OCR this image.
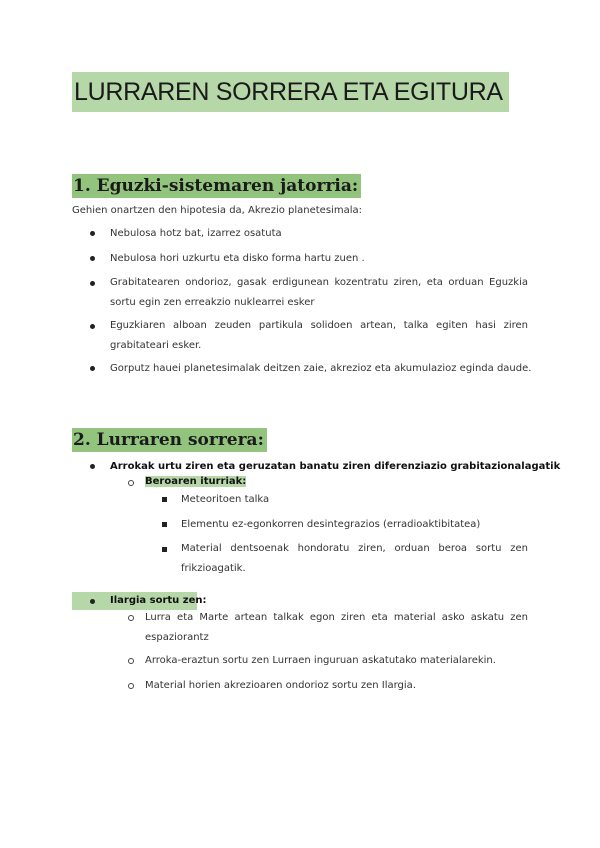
LURRAREN SORRERA ETA EGITURA
1. Eguzki-sistemaren jatorria:
Gehien onartzen den hipotesia da, Akrezio planetesimala:
Nebulosa hotz bat, izarrez osatuta
Nebulosa hori uzkurtu eta disko forma hartu zuen .
Grabitatearen ondorioz, gasak erdigunean kozentratu ziren, eta orduan Eguzkia sortu egin zen erreakzio nuklearrei esker
Eguzkiaren alboan zeuden partikula solidoen artean, talka egiten hasi ziren grabitateari esker.
Gorputz hauei planetesimalak deitzen zaie, akrezioz eta akumulazioz eginda daude.
2. Lurraren sorrera:
Arrokak urtu ziren eta geruzatan banatu ziren diferenziazio grabitazionalagatik
Beroaren iturriak:
Meteoritoen talka
Elementu ez-egonkorren desintegrazios (erradioaktibitatea)
Material dentsoenak hondoratu ziren, orduan beroa sortu zen frikzioagatik.
Ilargia sortu zen:
Lurra eta Marte artean talkak egon ziren eta material asko askatu zen espaziorantz
Arroka-eraztun sortu zen Lurraen inguruan askatutako materialarekin.
Material horien akrezioaren ondorioz sortu zen Ilargia.
